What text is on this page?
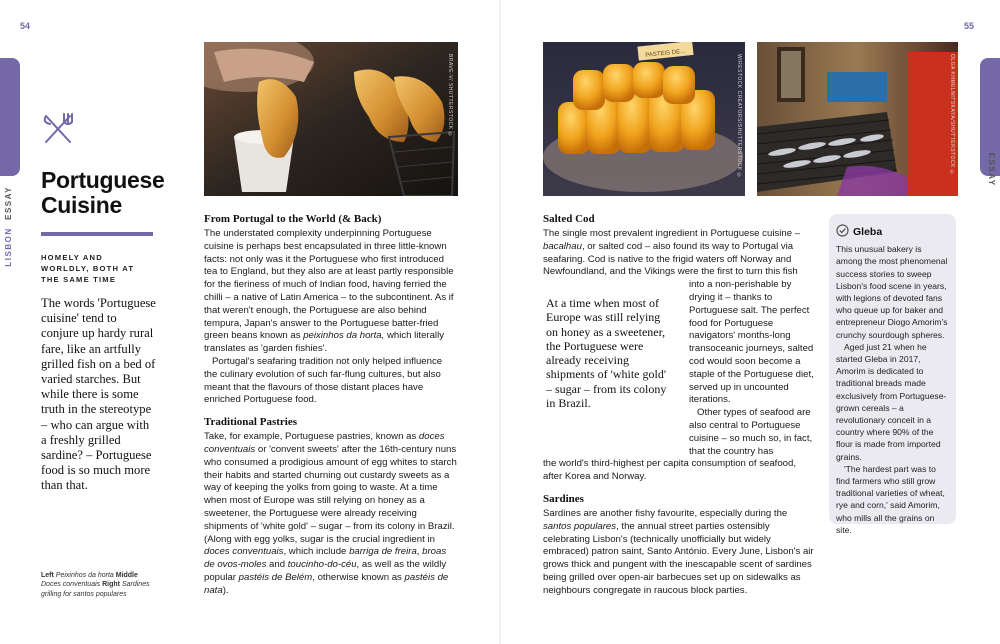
54	55
LISBON  ESSAY
LISBON  ESSAY
BRAVE-V/ SHUTTERSTOCK ©
PASTEIS DE...
WIRESTOCK CREATORS/SHUTTERSTOCK ©	OLGA KHMELNITSKAYA/SHUTTERSTOCK ©
Portuguese
Cuisine
HOMELY AND WORLDLY, BOTH AT THE SAME TIME
The words 'Portuguese cuisine' tend to conjure up hardy rural fare, like an artfully grilled fish on a bed of varied starches. But while there is some truth in the stereotype – who can argue with a freshly grilled sardine? – Portuguese food is so much more than that.
Left Peixinhos da horta Middle Doces conventuais Right Sardines grilling for santos populares
From Portugal to the World (& Back)

The understated complexity underpinning Portuguese cuisine is perhaps best encapsulated in three little-known facts: not only was it the Portuguese who first introduced tea to England, but they also are at least partly responsible for the fieriness of much of Indian food, having ferried the chilli – a native of Latin America – to the subcontinent. As if that weren't enough, the Portuguese are also behind tempura, Japan's answer to the Portuguese batter-fried green beans known as peixinhos da horta, which literally translates as 'garden fishies'.

Portugal's seafaring tradition not only helped influence the culinary evolution of such far-flung cultures, but also meant that the flavours of those distant places have enriched Portuguese food.

Traditional Pastries

Take, for example, Portuguese pastries, known as doces conventuais or 'convent sweets' after the 16th-century nuns who consumed a prodigious amount of egg whites to starch their habits and started churning out custardy sweets as a way of keeping the yolks from going to waste. At a time when most of Europe was still relying on honey as a sweetener, the Portuguese were already receiving shipments of 'white gold' – sugar – from its colony in Brazil. (Along with egg yolks, sugar is the crucial ingredient in doces conventuais, which include barriga de freira, broas de ovos-moles and toucinho-do-céu, as well as the wildly popular pastéis de Belém, otherwise known as pastéis de nata).

Salted Cod

The single most prevalent ingredient in Portuguese cuisine – bacalhau, or salted cod – also found its way to Portugal via seafaring. Cod is native to the frigid waters off Norway and Newfoundland, and the Vikings were the first to turn this fish

into a non-perishable by drying it – thanks to Portuguese salt. The perfect food for Portuguese navigators' months-long transoceanic journeys, salted cod would soon become a staple of the Portuguese diet, served up in uncounted iterations.

Other types of seafood are also central to Portuguese cuisine – so much so, in fact, that the country has

the world's third-highest per capita consumption of seafood, after Korea and Norway.

Sardines

Sardines are another fishy favourite, especially during the santos populares, the annual street parties ostensibly celebrating Lisbon's (technically unofficially but widely embraced) patron saint, Santo António. Every June, Lisbon's air grows thick and pungent with the inescapable scent of sardines being grilled over open-air barbecues set up on sidewalks as neighbours congregate in raucous block parties.

At a time when most of Europe was still relying on honey as a sweetener, the Portuguese were already receiving shipments of 'white gold' – sugar – from its colony in Brazil.
Gleba

This unusual bakery is among the most phenomenal success stories to sweep Lisbon's food scene in years, with legions of devoted fans who queue up for baker and entrepreneur Diogo Amorim's crunchy sourdough spheres.

Aged just 21 when he started Gleba in 2017, Amorim is dedicated to traditional breads made exclusively from Portuguese-grown cereals – a revolutionary conceit in a country where 90% of the flour is made from imported grains.

'The hardest part was to find farmers who still grow traditional varieties of wheat, rye and corn,' said Amorim, who mills all the grains on site.
